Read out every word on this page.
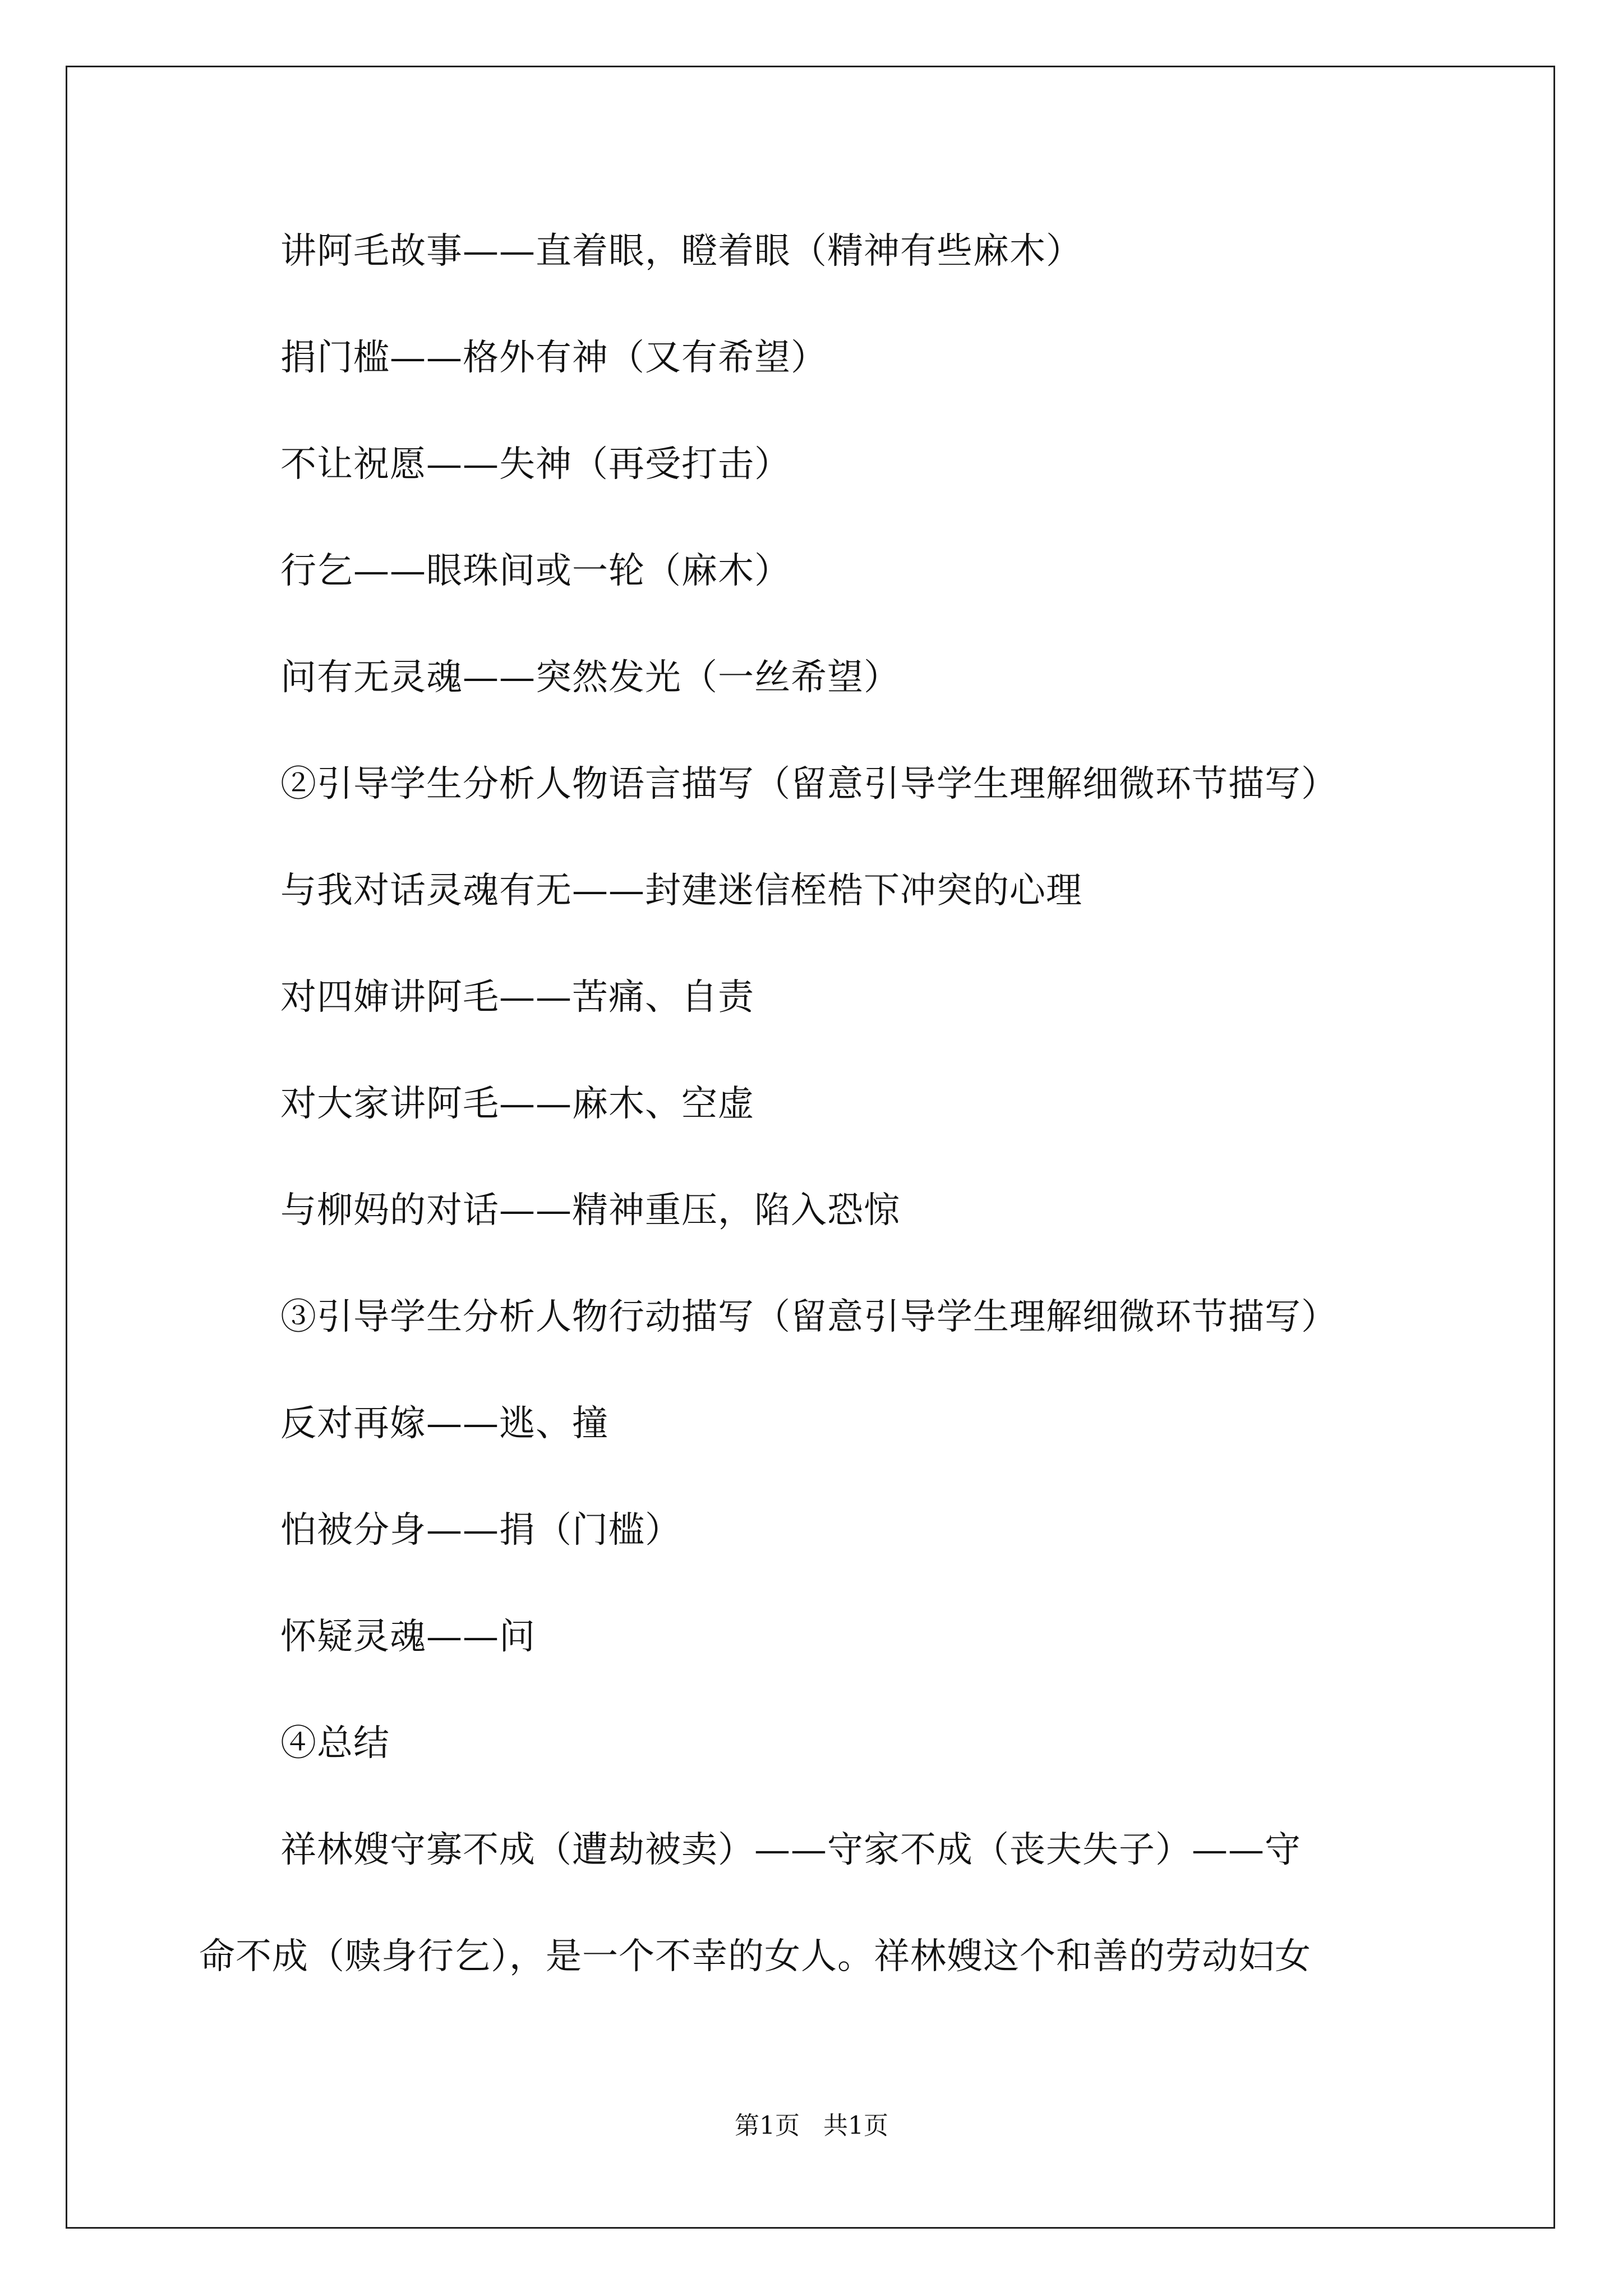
讲阿毛故事——直着眼，瞪着眼（精神有些麻木）
捐门槛——格外有神（又有希望）
不让祝愿——失神（再受打击）
行乞——眼珠间或一轮（麻木）
问有无灵魂——突然发光（一丝希望）
②引导学生分析人物语言描写（留意引导学生理解细微环节描写）
与我对话灵魂有无——封建迷信桎梏下冲突的心理
对四婶讲阿毛——苦痛、自责
对大家讲阿毛——麻木、空虚
与柳妈的对话——精神重压，陷入恐惊
③引导学生分析人物行动描写（留意引导学生理解细微环节描写）
反对再嫁——逃、撞
怕被分身——捐（门槛）
怀疑灵魂——问
④总结
祥林嫂守寡不成（遭劫被卖）——守家不成（丧夫失子）——守
命不成（赎身行乞），是一个不幸的女人。祥林嫂这个和善的劳动妇女
第1页   共1页
